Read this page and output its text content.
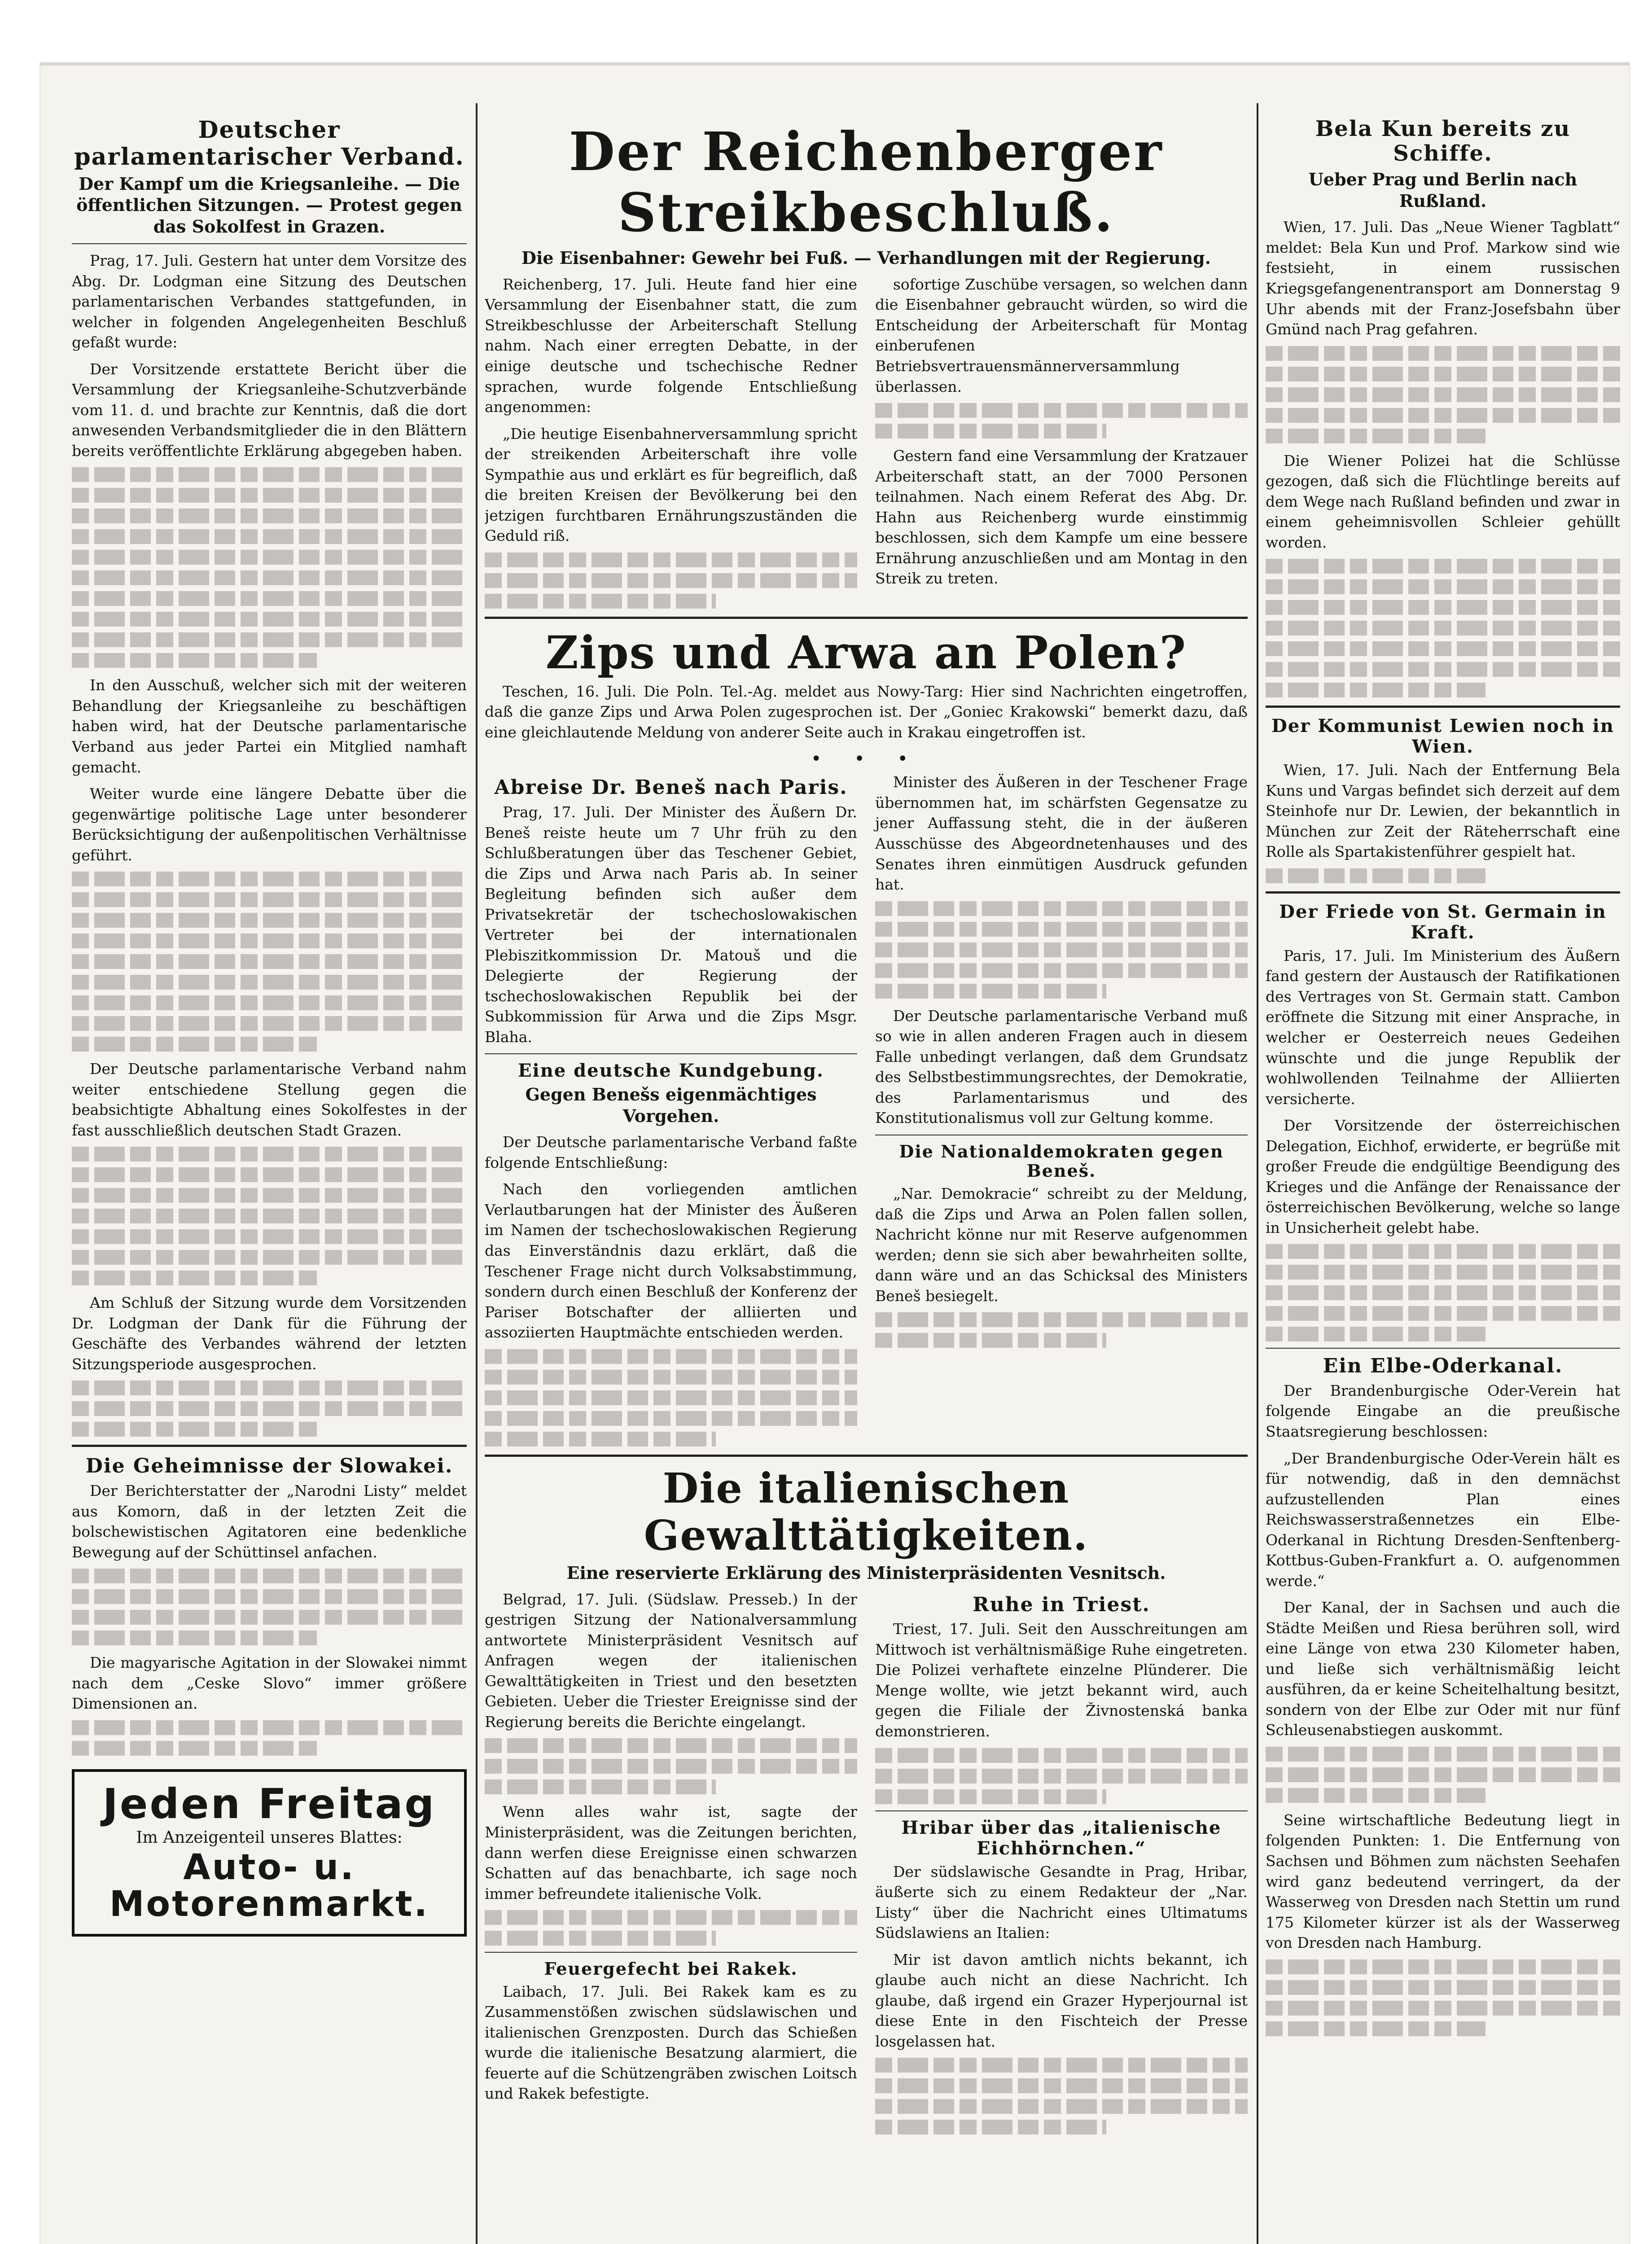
Deutscher parlamentarischer Verband.
Der Kampf um die Kriegsanleihe. — Die öffentlichen Sitzungen. — Protest gegen das Sokolfest in Grazen.

Prag, 17. Juli. Gestern hat unter dem Vorsitze des Abg. Dr. Lodgman eine Sitzung des Deutschen parlamentarischen Verbandes stattgefunden, in welcher in folgenden Angelegenheiten Beschluß gefaßt wurde:

Der Vorsitzende erstattete Bericht über die Versammlung der Kriegsanleihe-Schutzverbände vom 11. d. und brachte zur Kenntnis, daß die dort anwesenden Verbandsmitglieder die in den Blättern bereits veröffentlichte Erklärung abgegeben haben.

In den Ausschuß, welcher sich mit der weiteren Behandlung der Kriegsanleihe zu beschäftigen haben wird, hat der Deutsche parlamentarische Verband aus jeder Partei ein Mitglied namhaft gemacht.

Weiter wurde eine längere Debatte über die gegenwärtige politische Lage unter besonderer Berücksichtigung der außenpolitischen Verhältnisse geführt.

Der Deutsche parlamentarische Verband nahm weiter entschiedene Stellung gegen die beabsichtigte Abhaltung eines Sokolfestes in der fast ausschließlich deutschen Stadt Grazen.

Am Schluß der Sitzung wurde dem Vorsitzenden Dr. Lodgman der Dank für die Führung der Geschäfte des Verbandes während der letzten Sitzungsperiode ausgesprochen.

Die Geheimnisse der Slowakei.

Der Berichterstatter der „Narodni Listy“ meldet aus Komorn, daß in der letzten Zeit die bolschewistischen Agitatoren eine bedenkliche Bewegung auf der Schüttinsel anfachen.

Die magyarische Agitation in der Slowakei nimmt nach dem „Ceske Slovo“ immer größere Dimensionen an.

Jeden Freitag
Im Anzeigenteil unseres Blattes:
Auto- u. Motorenmarkt.
Der Reichenberger Streikbeschluß.
Die Eisenbahner: Gewehr bei Fuß. — Verhandlungen mit der Regierung.

Reichenberg, 17. Juli. Heute fand hier eine Versammlung der Eisenbahner statt, die zum Streikbeschlusse der Arbeiterschaft Stellung nahm. Nach einer erregten Debatte, in der einige deutsche und tschechische Redner sprachen, wurde folgende Entschließung angenommen:

„Die heutige Eisenbahnerversammlung spricht der streikenden Arbeiterschaft ihre volle Sympathie aus und erklärt es für begreiflich, daß die breiten Kreisen der Bevölkerung bei den jetzigen furchtbaren Ernährungszuständen die Geduld riß.

sofortige Zuschübe versagen, so welchen dann die Eisenbahner gebraucht würden, so wird die Entscheidung der Arbeiterschaft für Montag einberufenen Betriebsvertrauensmännerversammlung überlassen.

Gestern fand eine Versammlung der Kratzauer Arbeiterschaft statt, an der 7000 Personen teilnahmen. Nach einem Referat des Abg. Dr. Hahn aus Reichenberg wurde einstimmig beschlossen, sich dem Kampfe um eine bessere Ernährung anzuschließen und am Montag in den Streik zu treten.

Zips und Arwa an Polen?

Teschen, 16. Juli. Die Poln. Tel.-Ag. meldet aus Nowy-Targ: Hier sind Nachrichten eingetroffen, daß die ganze Zips und Arwa Polen zugesprochen ist. Der „Goniec Krakowski“ bemerkt dazu, daß eine gleichlautende Meldung von anderer Seite auch in Krakau eingetroffen ist.

• • •
Abreise Dr. Beneš nach Paris.

Prag, 17. Juli. Der Minister des Äußern Dr. Beneš reiste heute um 7 Uhr früh zu den Schlußberatungen über das Teschener Gebiet, die Zips und Arwa nach Paris ab. In seiner Begleitung befinden sich außer dem Privatsekretär der tschechoslowakischen Vertreter bei der internationalen Plebiszitkommission Dr. Matouš und die Delegierte der Regierung der tschechoslowakischen Republik bei der Subkommission für Arwa und die Zips Msgr. Blaha.

Eine deutsche Kundgebung.
Gegen Benešs eigenmächtiges Vorgehen.

Der Deutsche parlamentarische Verband faßte folgende Entschließung:

Nach den vorliegenden amtlichen Verlautbarungen hat der Minister des Äußeren im Namen der tschechoslowakischen Regierung das Einverständnis dazu erklärt, daß die Teschener Frage nicht durch Volksabstimmung, sondern durch einen Beschluß der Konferenz der Pariser Botschafter der alliierten und assoziierten Hauptmächte entschieden werden.

Minister des Äußeren in der Teschener Frage übernommen hat, im schärfsten Gegensatze zu jener Auffassung steht, die in der äußeren Ausschüsse des Abgeordnetenhauses und des Senates ihren einmütigen Ausdruck gefunden hat.

Der Deutsche parlamentarische Verband muß so wie in allen anderen Fragen auch in diesem Falle unbedingt verlangen, daß dem Grundsatz des Selbstbestimmungsrechtes, der Demokratie, des Parlamentarismus und des Konstitutionalismus voll zur Geltung komme.

Die Nationaldemokraten gegen Beneš.

„Nar. Demokracie“ schreibt zu der Meldung, daß die Zips und Arwa an Polen fallen sollen, Nachricht könne nur mit Reserve aufgenommen werden; denn sie sich aber bewahrheiten sollte, dann wäre und an das Schicksal des Ministers Beneš besiegelt.

Die italienischen Gewalttätigkeiten.
Eine reservierte Erklärung des Ministerpräsidenten Vesnitsch.

Belgrad, 17. Juli. (Südslaw. Presseb.) In der gestrigen Sitzung der Nationalversammlung antwortete Ministerpräsident Vesnitsch auf Anfragen wegen der italienischen Gewalttätigkeiten in Triest und den besetzten Gebieten. Ueber die Triester Ereignisse sind der Regierung bereits die Berichte eingelangt.

Wenn alles wahr ist, sagte der Ministerpräsident, was die Zeitungen berichten, dann werfen diese Ereignisse einen schwarzen Schatten auf das benachbarte, ich sage noch immer befreundete italienische Volk.

Feuergefecht bei Rakek.

Laibach, 17. Juli. Bei Rakek kam es zu Zusammenstößen zwischen südslawischen und italienischen Grenzposten. Durch das Schießen wurde die italienische Besatzung alarmiert, die feuerte auf die Schützengräben zwischen Loitsch und Rakek befestigte.

Ruhe in Triest.

Triest, 17. Juli. Seit den Ausschreitungen am Mittwoch ist verhältnismäßige Ruhe eingetreten. Die Polizei verhaftete einzelne Plünderer. Die Menge wollte, wie jetzt bekannt wird, auch gegen die Filiale der Živnostenská banka demonstrieren.

Hribar über das „italienische Eichhörnchen.“

Der südslawische Gesandte in Prag, Hribar, äußerte sich zu einem Redakteur der „Nar. Listy“ über die Nachricht eines Ultimatums Südslawiens an Italien:

Mir ist davon amtlich nichts bekannt, ich glaube auch nicht an diese Nachricht. Ich glaube, daß irgend ein Grazer Hyperjournal ist diese Ente in den Fischteich der Presse losgelassen hat.

Bela Kun bereits zu Schiffe.
Ueber Prag und Berlin nach Rußland.

Wien, 17. Juli. Das „Neue Wiener Tagblatt“ meldet: Bela Kun und Prof. Markow sind wie festsieht, in einem russischen Kriegsgefangenentransport am Donnerstag 9 Uhr abends mit der Franz-Josefsbahn über Gmünd nach Prag gefahren.

Die Wiener Polizei hat die Schlüsse gezogen, daß sich die Flüchtlinge bereits auf dem Wege nach Rußland befinden und zwar in einem geheimnisvollen Schleier gehüllt worden.

Der Kommunist Lewien noch in Wien.

Wien, 17. Juli. Nach der Entfernung Bela Kuns und Vargas befindet sich derzeit auf dem Steinhofe nur Dr. Lewien, der bekanntlich in München zur Zeit der Räteherrschaft eine Rolle als Spartakistenführer gespielt hat.

Der Friede von St. Germain in Kraft.

Paris, 17. Juli. Im Ministerium des Äußern fand gestern der Austausch der Ratifikationen des Vertrages von St. Germain statt. Cambon eröffnete die Sitzung mit einer Ansprache, in welcher er Oesterreich neues Gedeihen wünschte und die junge Republik der wohlwollenden Teilnahme der Alliierten versicherte.

Der Vorsitzende der österreichischen Delegation, Eichhof, erwiderte, er begrüße mit großer Freude die endgültige Beendigung des Krieges und die Anfänge der Renaissance der österreichischen Bevölkerung, welche so lange in Unsicherheit gelebt habe.

Ein Elbe-Oderkanal.

Der Brandenburgische Oder-Verein hat folgende Eingabe an die preußische Staatsregierung beschlossen:

„Der Brandenburgische Oder-Verein hält es für notwendig, daß in den demnächst aufzustellenden Plan eines Reichswasserstraßennetzes ein Elbe-Oderkanal in Richtung Dresden-Senftenberg-Kottbus-Guben-Frankfurt a. O. aufgenommen werde.“

Der Kanal, der in Sachsen und auch die Städte Meißen und Riesa berühren soll, wird eine Länge von etwa 230 Kilometer haben, und ließe sich verhältnismäßig leicht ausführen, da er keine Scheitelhaltung besitzt, sondern von der Elbe zur Oder mit nur fünf Schleusenabstiegen auskommt.

Seine wirtschaftliche Bedeutung liegt in folgenden Punkten: 1. Die Entfernung von Sachsen und Böhmen zum nächsten Seehafen wird ganz bedeutend verringert, da der Wasserweg von Dresden nach Stettin um rund 175 Kilometer kürzer ist als der Wasserweg von Dresden nach Hamburg.
